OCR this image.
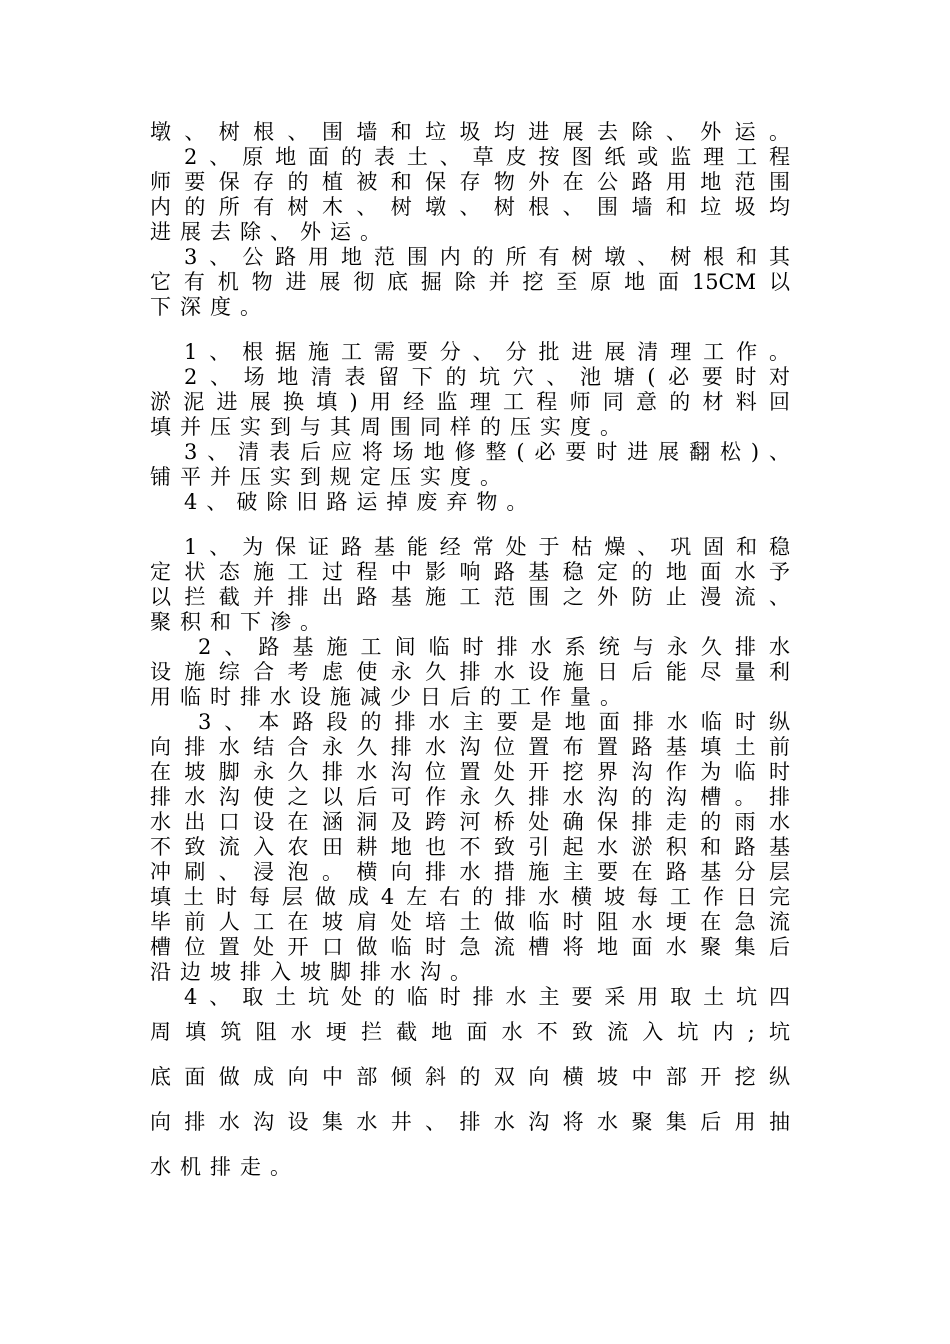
墩、树根、围墙和垃圾均进展去除、外运。
2、原地面的表土、草皮按图纸或监理工程
师要保存的植被和保存物外在公路用地范围
内的所有树木、树墩、树根、围墙和垃圾均
进展去除、外运。
3、公路用地范围内的所有树墩、树根和其
它有机物进展彻底掘除并挖至原地面15CM以
下深度。
1、根据施工需要分、分批进展清理工作。
2、场地清表留下的坑穴、池塘(必要时对
淤泥进展换填)用经监理工程师同意的材料回
填并压实到与其周围同样的压实度。
3、清表后应将场地修整(必要时进展翻松)、
铺平并压实到规定压实度。
4、破除旧路运掉废弃物。
1、为保证路基能经常处于枯燥、巩固和稳
定状态施工过程中影响路基稳定的地面水予
以拦截并排出路基施工范围之外防止漫流、
聚积和下渗。
2、路基施工间临时排水系统与永久排水
设施综合考虑使永久排水设施日后能尽量利
用临时排水设施减少日后的工作量。
3、本路段的排水主要是地面排水临时纵
向排水结合永久排水沟位置布置路基填土前
在坡脚永久排水沟位置处开挖界沟作为临时
排水沟使之以后可作永久排水沟的沟槽。排
水出口设在涵洞及跨河桥处确保排走的雨水
不致流入农田耕地也不致引起水淤积和路基
冲刷、浸泡。横向排水措施主要在路基分层
填土时每层做成4左右的排水横坡每工作日完
毕前人工在坡肩处培土做临时阻水埂在急流
槽位置处开口做临时急流槽将地面水聚集后
沿边坡排入坡脚排水沟。
4、取土坑处的临时排水主要采用取土坑四
周填筑阻水埂拦截地面水不致流入坑内;坑
底面做成向中部倾斜的双向横坡中部开挖纵
向排水沟设集水井、排水沟将水聚集后用抽
水机排走。
